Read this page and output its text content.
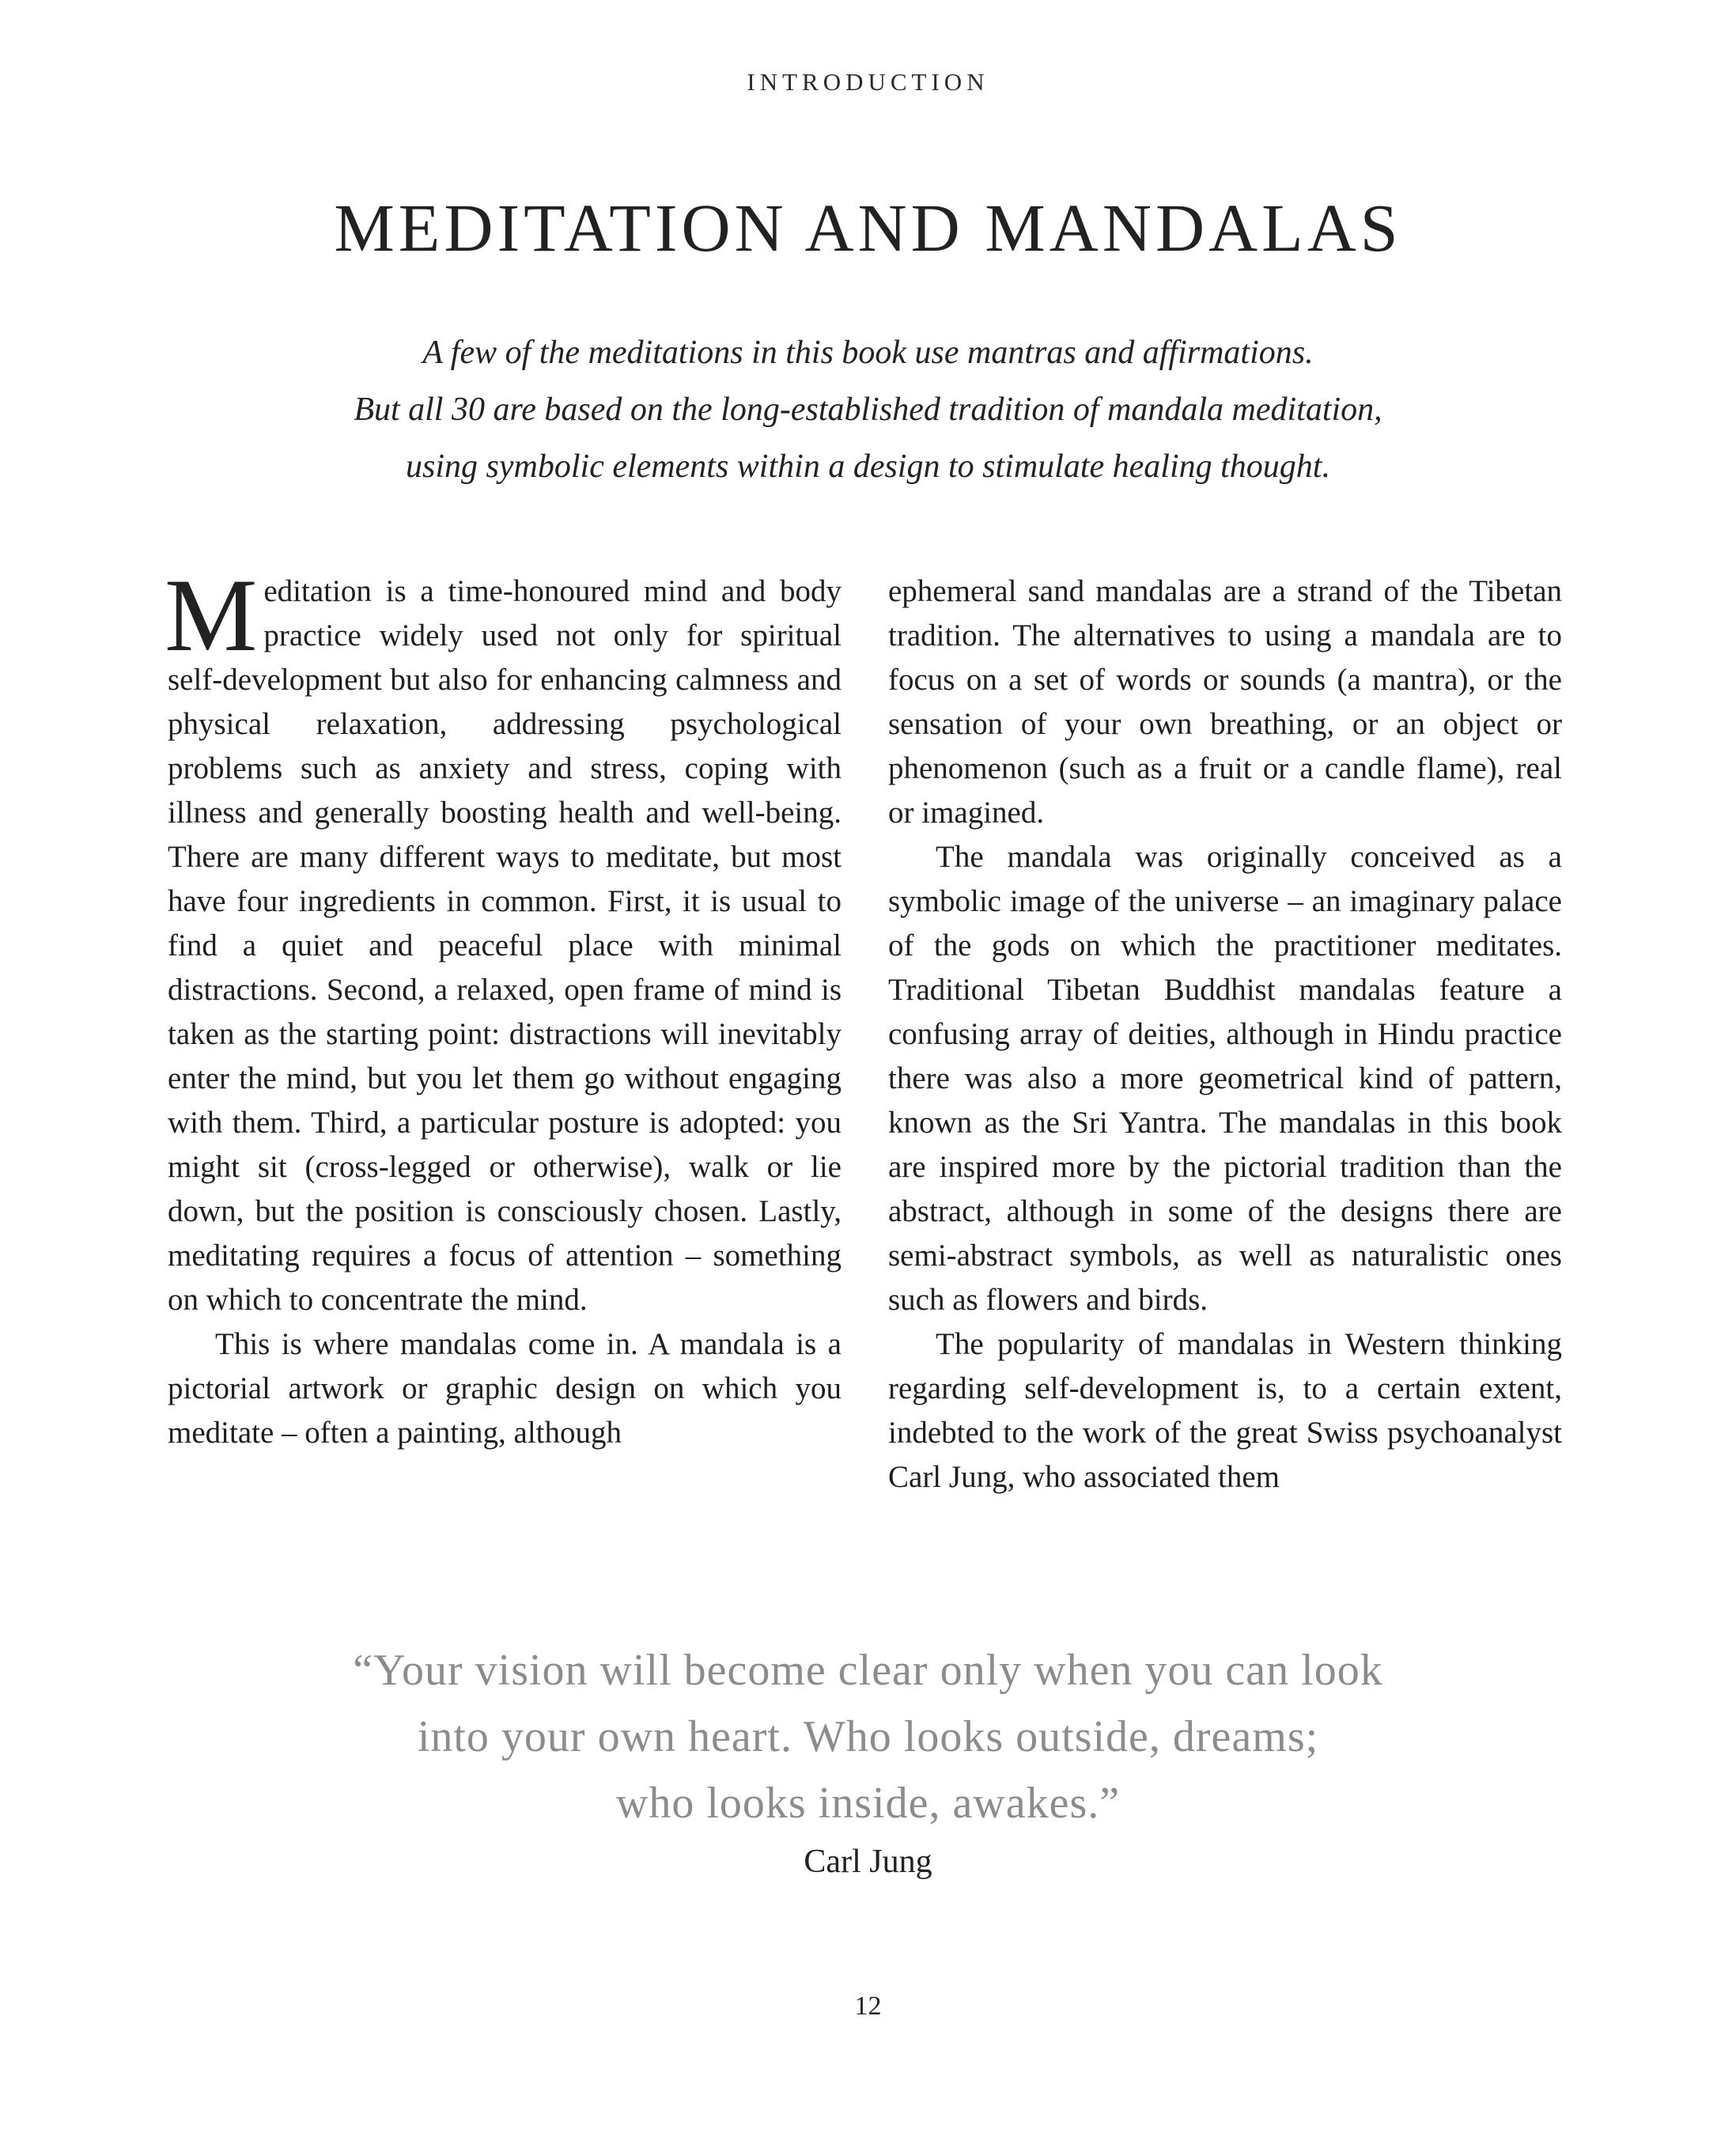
INTRODUCTION
MEDITATION AND MANDALAS
A few of the meditations in this book use mantras and affirmations.
But all 30 are based on the long-established tradition of mandala meditation,
using symbolic elements within a design to stimulate healing thought.

Meditation is a time-honoured mind and body practice widely used not only for spiritual self-development but also for enhancing calmness and physical relaxation, addressing psychological problems such as anxiety and stress, coping with illness and generally boosting health and well-being. There are many different ways to meditate, but most have four ingredients in common. First, it is usual to find a quiet and peaceful place with minimal distractions. Second, a relaxed, open frame of mind is taken as the starting point: distractions will inevitably enter the mind, but you let them go without engaging with them. Third, a particular posture is adopted: you might sit (cross-legged or otherwise), walk or lie down, but the position is consciously chosen. Lastly, meditating requires a focus of attention – something on which to concentrate the mind.

This is where mandalas come in. A mandala is a pictorial artwork or graphic design on which you meditate – often a painting, although

ephemeral sand mandalas are a strand of the Tibetan tradition. The alternatives to using a mandala are to focus on a set of words or sounds (a mantra), or the sensation of your own breathing, or an object or phenomenon (such as a fruit or a candle flame), real or imagined.

The mandala was originally conceived as a symbolic image of the universe – an imaginary palace of the gods on which the practitioner meditates. Traditional Tibetan Buddhist mandalas feature a confusing array of deities, although in Hindu practice there was also a more geometrical kind of pattern, known as the Sri Yantra. The mandalas in this book are inspired more by the pictorial tradition than the abstract, although in some of the designs there are semi-abstract symbols, as well as naturalistic ones such as flowers and birds.

The popularity of mandalas in Western thinking regarding self-development is, to a certain extent, indebted to the work of the great Swiss psychoanalyst Carl Jung, who associated them

“Your vision will become clear only when you can look
into your own heart. Who looks outside, dreams;
who looks inside, awakes.”
Carl Jung
12
